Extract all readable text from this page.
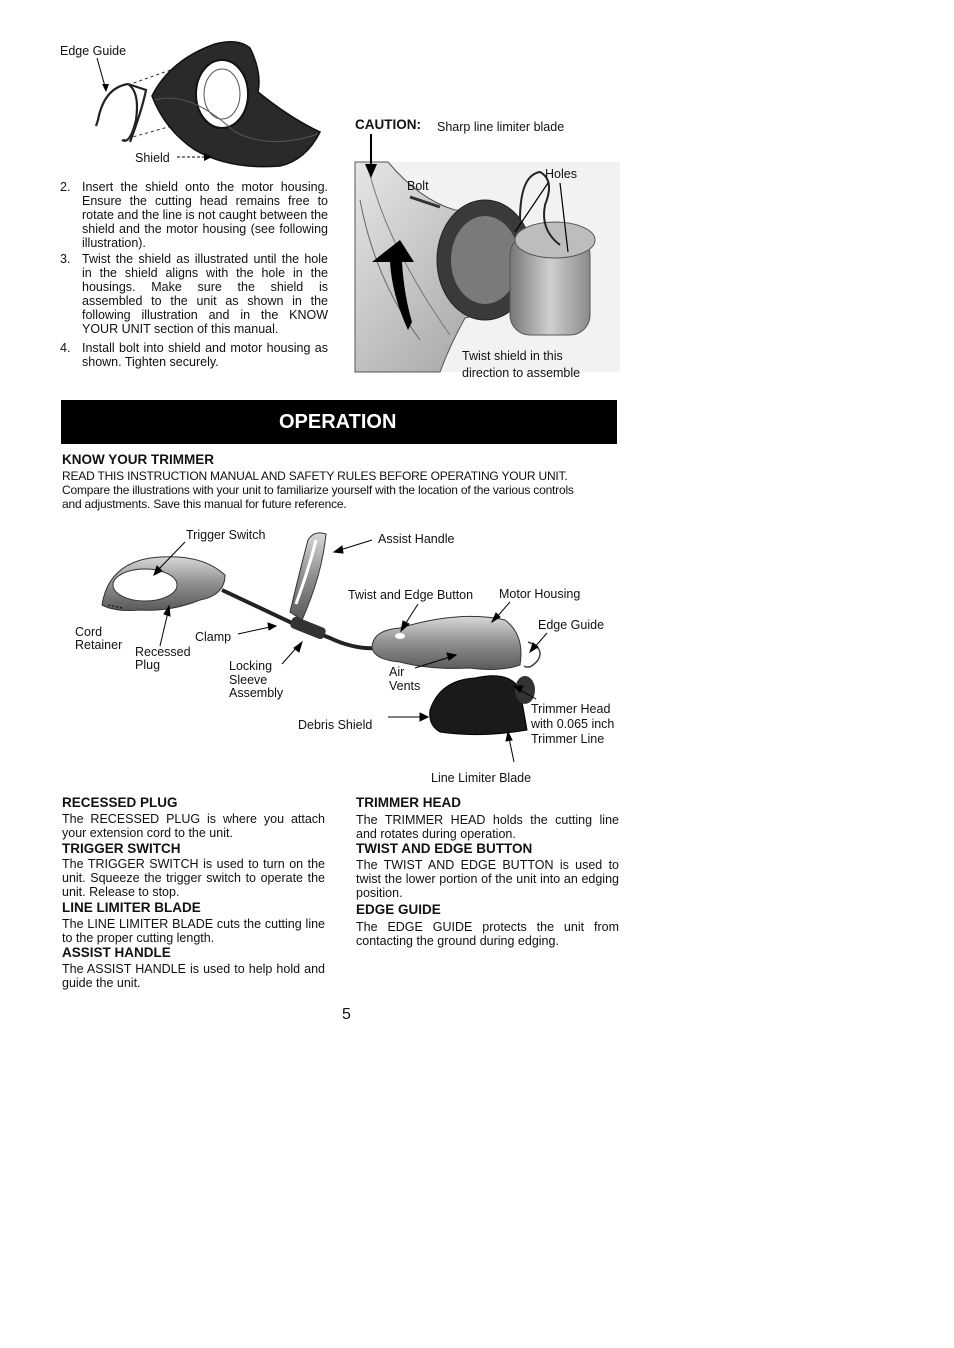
Edge Guide
Shield
2. Insert the shield onto the motor housing. Ensure the cutting head remains free to rotate and the line is not caught between the shield and the motor housing (see following illustration).
3. Twist the shield as illustrated until the hole in the shield aligns with the hole in the housings. Make sure the shield is assembled to the unit as shown in the following illustration and in the KNOW YOUR UNIT section of this manual.
4. Install bolt into shield and motor housing as shown. Tighten securely.
CAUTION: Sharp line limiter blade
Bolt
Holes
Twist shield in this
direction to assemble
OPERATION
KNOW YOUR TRIMMER
READ THIS INSTRUCTION MANUAL AND SAFETY RULES BEFORE OPERATING YOUR UNIT.
Compare the illustrations with your unit to familiarize yourself with the location of the various controls
and adjustments. Save this manual for future reference.
Trigger Switch	Assist Handle
Twist and Edge Button Motor Housing
Edge Guide
Cord
Retainer Recessed
Plug
Clamp
Locking
Sleeve
Assembly
Air
Vents
Debris Shield
Trimmer Head
with 0.065 inch
Trimmer Line
Line Limiter Blade
RECESSED PLUG
The RECESSED PLUG is where you attach your extension cord to the unit.
TRIGGER SWITCH
The TRIGGER SWITCH is used to turn on the unit. Squeeze the trigger switch to operate the unit. Release to stop.
LINE LIMITER BLADE
The LINE LIMITER BLADE cuts the cutting line to the proper cutting length.
ASSIST HANDLE
The ASSIST HANDLE is used to help hold and guide the unit.
TRIMMER HEAD
The TRIMMER HEAD holds the cutting line and rotates during operation.
TWIST AND EDGE BUTTON
The TWIST AND EDGE BUTTON is used to twist the lower portion of the unit into an edging position.
EDGE GUIDE
The EDGE GUIDE protects the unit from contacting the ground during edging.
5
